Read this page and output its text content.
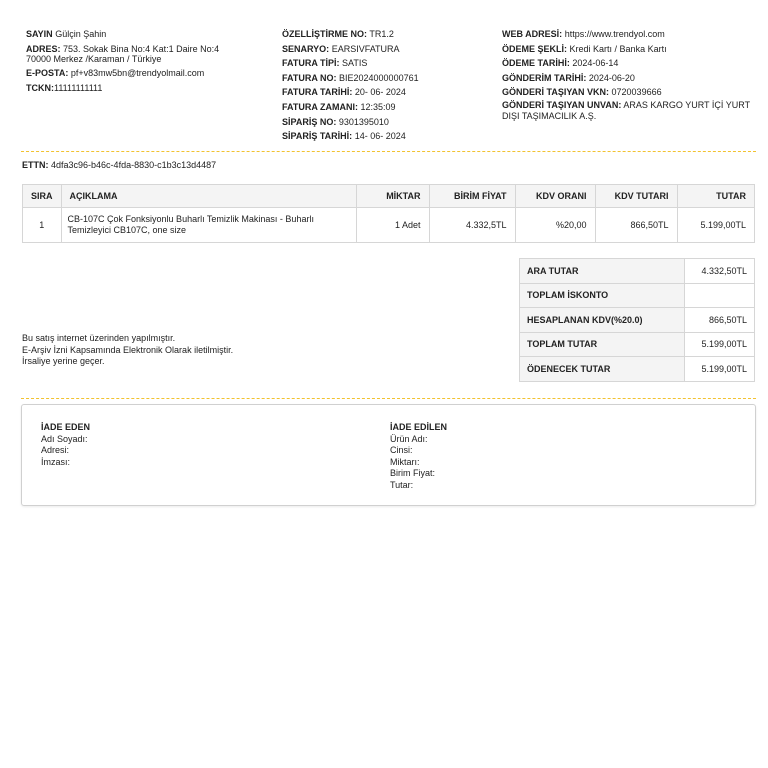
SAYIN Gülçin Şahin
ADRES: 753. Sokak Bina No:4 Kat:1 Daire No:4
70000 Merkez /Karaman / Türkiye
E-POSTA: pf+v83mw5bn@trendyolmail.com
TCKN:11111111111
ÖZELLİŞTİRME NO: TR1.2
SENARYO: EARSIVFATURA
FATURA TİPİ: SATIS
FATURA NO: BIE2024000000761
FATURA TARİHİ: 20- 06- 2024
FATURA ZAMANI: 12:35:09
SİPARİŞ NO: 9301395010
SİPARİŞ TARİHİ: 14- 06- 2024
WEB ADRESİ: https://www.trendyol.com
ÖDEME ŞEKLİ: Kredi Kartı / Banka Kartı
ÖDEME TARİHİ: 2024-06-14
GÖNDERİM TARİHİ: 2024-06-20
GÖNDERİ TAŞIYAN VKN: 0720039666
GÖNDERİ TAŞIYAN UNVAN: ARAS KARGO YURT İÇİ YURT DIŞI TAŞIMACILIK A.Ş.
ETTN: 4dfa3c96-b46c-4fda-8830-c1b3c13d4487
SIRA	AÇIKLAMA	MİKTAR	BİRİM FİYAT	KDV ORANI	KDV TUTARI	TUTAR
1	CB-107C Çok Fonksiyonlu Buharlı Temizlik Makinası - Buharlı Temizleyici CB107C, one size	1 Adet	4.332,5TL	%20,00	866,50TL	5.199,00TL
ARA TUTAR	4.332,50TL
TOPLAM İSKONTO	
HESAPLANAN KDV(%20.0)	866,50TL
TOPLAM TUTAR	5.199,00TL
ÖDENECEK TUTAR	5.199,00TL
Bu satış internet üzerinden yapılmıştır.
E-Arşiv İzni Kapsamında Elektronik Olarak iletilmiştir.
İrsaliye yerine geçer.
İADE EDEN
Adı Soyadı:
Adresi:
İmzası:
İADE EDİLEN
Ürün Adı:
Cinsi:
Miktarı:
Birim Fiyat:
Tutar:
